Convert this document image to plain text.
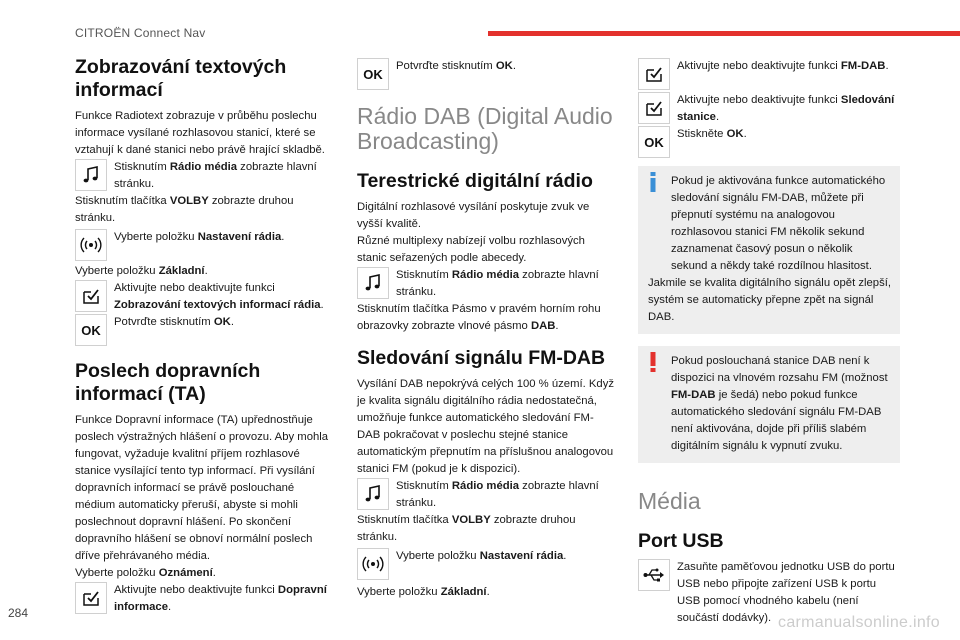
CITROËN Connect Nav
Zobrazování textových informací

Funkce Radiotext zobrazuje v průběhu poslechu informace vysílané rozhlasovou stanicí, které se vztahují k dané stanici nebo právě hrající skladbě.

Stisknutím Rádio média zobrazte hlavní stránku.

Stisknutím tlačítka VOLBY zobrazte druhou stránku.

Vyberte položku Nastavení rádia.

Vyberte položku Základní.

Aktivujte nebo deaktivujte funkci Zobrazování textových informací rádia.
OK
Potvrďte stisknutím OK.
Poslech dopravních informací (TA)

Funkce Dopravní informace (TA) upřednostňuje poslech výstražných hlášení o provozu. Aby mohla fungovat, vyžaduje kvalitní příjem rozhlasové stanice vysílající tento typ informací. Při vysílání dopravních informací se právě poslouchané médium automaticky přeruší, abyste si mohli poslechnout dopravní hlášení. Po skončení dopravního hlášení se obnoví normální poslech dříve přehrávaného média.

Vyberte položku Oznámení.

Aktivujte nebo deaktivujte funkci Dopravní informace.
OK
Potvrďte stisknutím OK.
Rádio DAB (Digital Audio Broadcasting)
Terestrické digitální rádio

Digitální rozhlasové vysílání poskytuje zvuk ve vyšší kvalitě.

Různé multiplexy nabízejí volbu rozhlasových stanic seřazených podle abecedy.

Stisknutím Rádio média zobrazte hlavní stránku.

Stisknutím tlačítka Pásmo v pravém horním rohu obrazovky zobrazte vlnové pásmo DAB.

Sledování signálu FM-DAB

Vysílání DAB nepokrývá celých 100 % území. Když je kvalita signálu digitálního rádia nedostatečná, umožňuje funkce automatického sledování FM-DAB pokračovat v poslechu stejné stanice automatickým přepnutím na příslušnou analogovou stanici FM (pokud je k dispozici).

Stisknutím Rádio média zobrazte hlavní stránku.

Stisknutím tlačítka VOLBY zobrazte druhou stránku.

Vyberte položku Nastavení rádia.

Vyberte položku Základní.

Aktivujte nebo deaktivujte funkci FM-DAB.
Aktivujte nebo deaktivujte funkci Sledování stanice.
OK
Stiskněte OK.

Pokud je aktivována funkce automatického sledování signálu FM-DAB, můžete při přepnutí systému na analogovou rozhlasovou stanici FM několik sekund zaznamenat časový posun o několik sekund a někdy také rozdílnou hlasitost.

Jakmile se kvalita digitálního signálu opět zlepší, systém se automaticky přepne zpět na signál DAB.

Pokud poslouchaná stanice DAB není k dispozici na vlnovém rozsahu FM (možnost FM-DAB je šedá) nebo pokud funkce automatického sledování signálu FM-DAB není aktivována, dojde při příliš slabém digitálním signálu k vypnutí zvuku.

Média
Port USB
Zasuňte paměťovou jednotku USB do portu USB nebo připojte zařízení USB k portu USB pomocí vhodného kabelu (není součástí dodávky).
284
carmanualsonline.info
